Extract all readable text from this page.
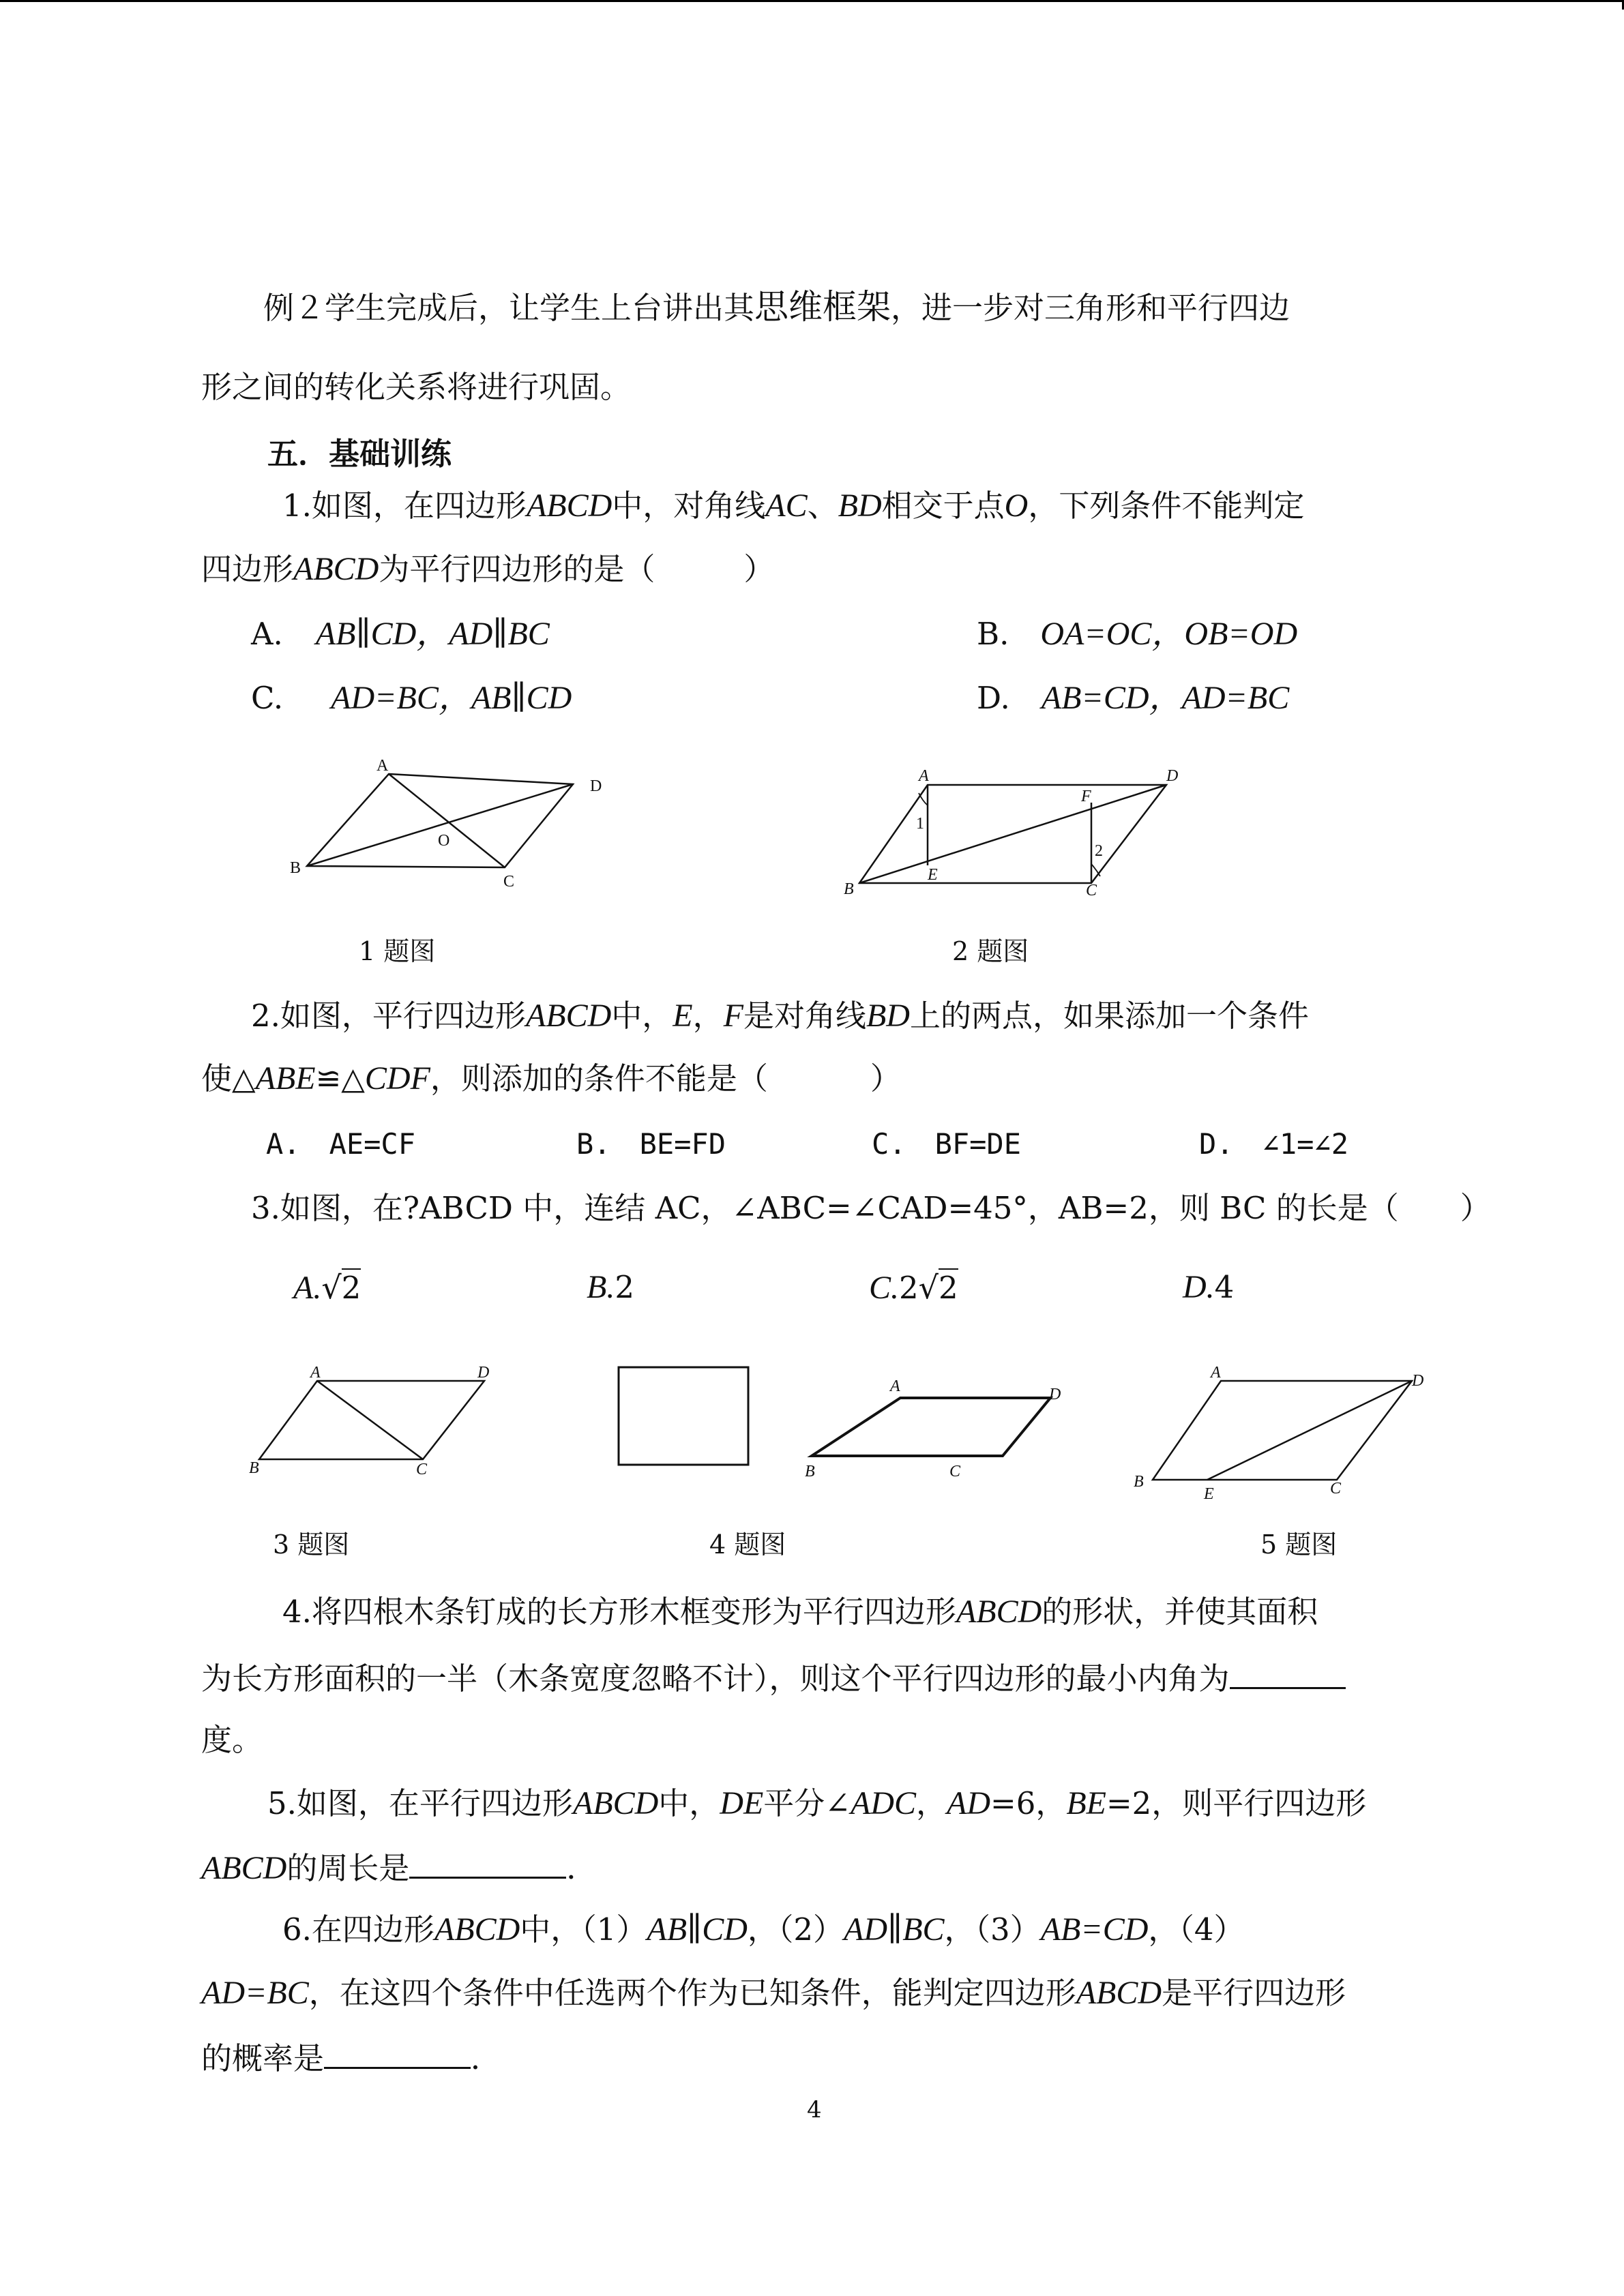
例２学生完成后，让学生上台讲出其思维框架，进一步对三角形和平行四边
形之间的转化关系将进行巩固。
五．基础训练
1.如图，在四边形ABCD中，对角线AC、BD相交于点O，下列条件不能判定
四边形ABCD为平行四边形的是（	）
A. AB∥CD，AD∥BC	B. OA=OC，OB=OD
C. AD=BC，AB∥CD	D. AB=CD，AD=BC
A
D
B
C
O
1 题图
A	D
B	C
E
F
1
2
2 题图
2.如图，平行四边形ABCD中，E，F是对角线BD上的两点，如果添加一个条件
使△ABE≌△CDF，则添加的条件不能是（	）
A.　AE=CF	B.　BE=FD	C.　BF=DE	D.　∠1=∠2
3.如图，在?ABCD 中，连结 AC，∠ABC=∠CAD=45°，AB=2，则 BC 的长是（　　）
A.√2	B.2	C.2√2	D.4
A	D
B	C
3 题图
A	D
B	C
4 题图
A	D
B
E	C
5 题图
4.将四根木条钉成的长方形木框变形为平行四边形ABCD的形状，并使其面积
为长方形面积的一半（木条宽度忽略不计），则这个平行四边形的最小内角为
度。
5.如图，在平行四边形ABCD中，DE平分∠ADC，AD=6，BE=2，则平行四边形
ABCD的周长是	．
6.在四边形ABCD中，（1）AB∥CD，（2）AD∥BC，（3）AB=CD，（4）
AD=BC，在这四个条件中任选两个作为已知条件，能判定四边形ABCD是平行四边形
的概率是	．
4
